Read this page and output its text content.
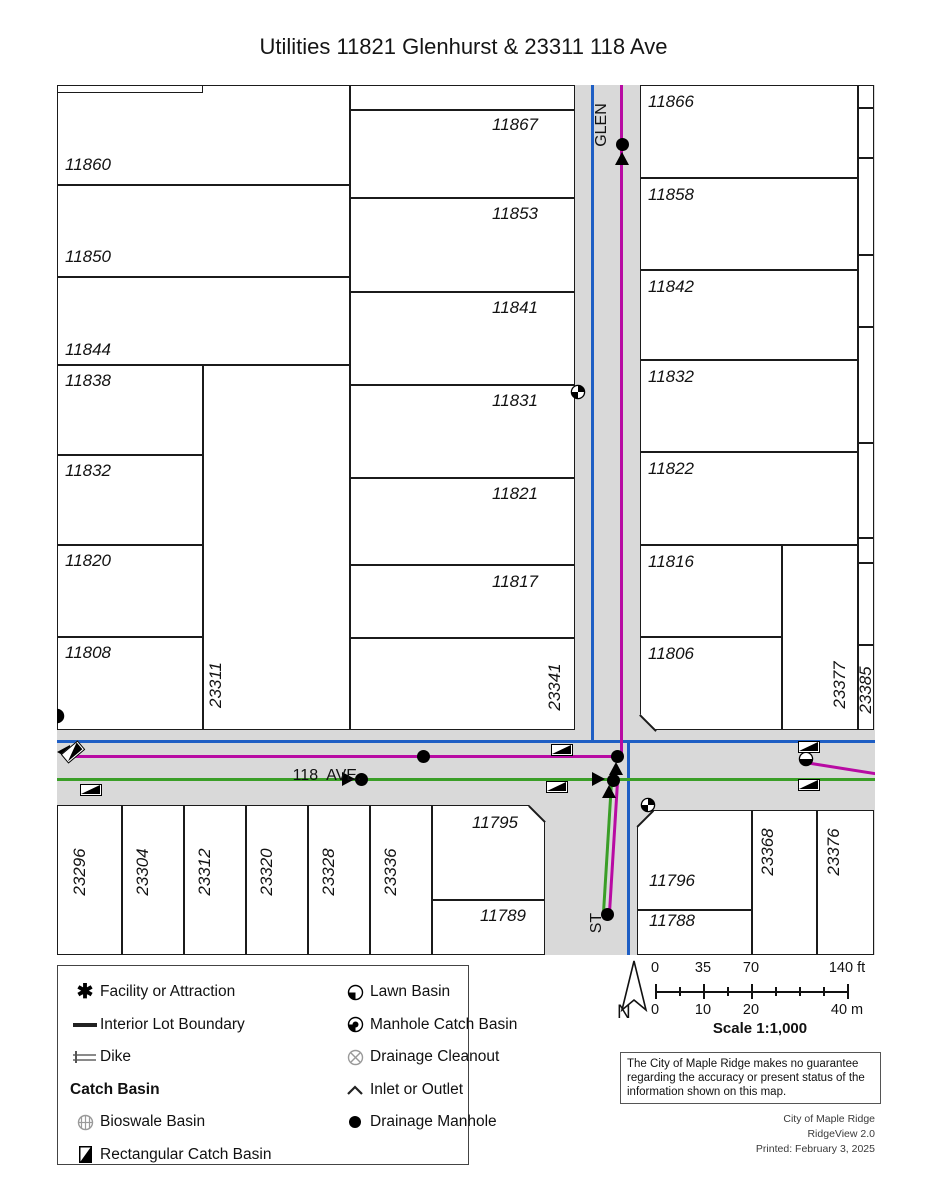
Utilities 11821 Glenhurst & 23311 118 Ave
11860
11850
11844
11838
11832
11820
11808
23311
11867
11853
11841
11831
11821
11817
23341
11866
11858
11842
11832
11822
11816
11806
23377 23385
23296	23304	23312	23320	23328	23336
11795
11789
11796
11788
23368	23376
GLEN
118  AVE.
ST
✱ Facility or Attraction
Interior Lot Boundary
Dike
Catch Basin
Bioswale Basin
Rectangular Catch Basin
Lawn Basin
Manhole Catch Basin
Drainage Cleanout
Inlet or Outlet
Drainage Manhole
N
0 35 70	140 ft
0 10 20	40 m
Scale 1:1,000
The City of Maple Ridge makes no guarantee regarding the accuracy or present status of the information shown on this map.
City of Maple Ridge
RidgeView 2.0
Printed: February 3, 2025
